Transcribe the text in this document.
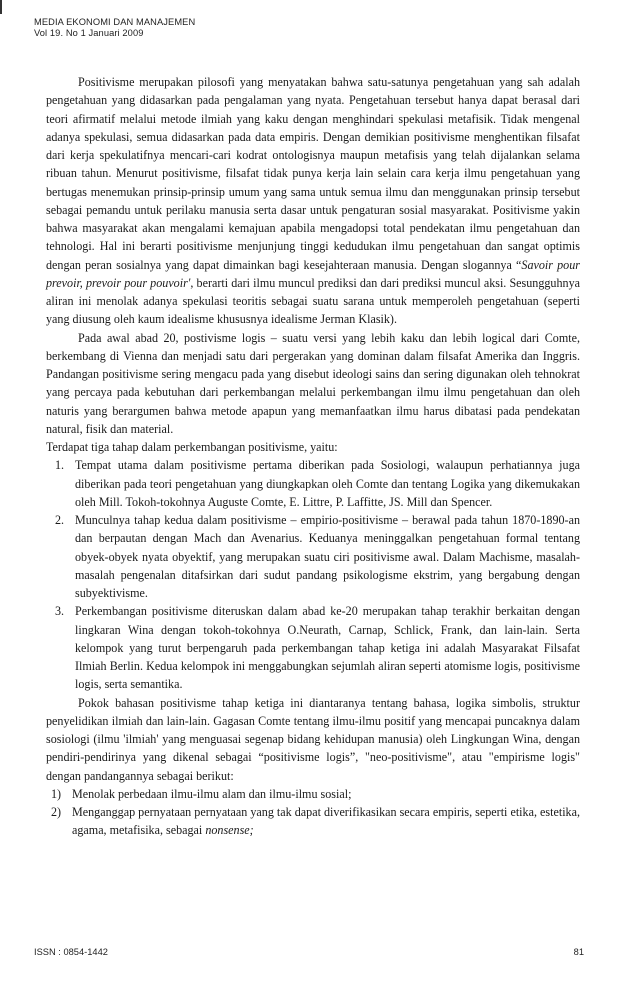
MEDIA EKONOMI DAN MANAJEMEN
Vol 19. No 1 Januari 2009

Positivisme merupakan pilosofi yang menyatakan bahwa satu-satunya pengetahuan yang sah adalah pengetahuan yang didasarkan pada pengalaman yang nyata. Pengetahuan tersebut hanya dapat berasal dari teori afirmatif melalui metode ilmiah yang kaku dengan menghindari spekulasi metafisik. Tidak mengenal adanya spekulasi, semua didasarkan pada data empiris. Dengan demikian positivisme menghentikan filsafat dari kerja spekulatifnya mencari-cari kodrat ontologisnya maupun metafisis yang telah dijalankan selama ribuan tahun. Menurut positivisme, filsafat tidak punya kerja lain selain cara kerja ilmu pengetahuan yang bertugas menemukan prinsip-prinsip umum yang sama untuk semua ilmu dan menggunakan prinsip tersebut sebagai pemandu untuk perilaku manusia serta dasar untuk pengaturan sosial masyarakat. Positivisme yakin bahwa masyarakat akan mengalami kemajuan apabila mengadopsi total pendekatan ilmu pengetahuan dan tehnologi. Hal ini berarti positivisme menjunjung tinggi kedudukan ilmu pengetahuan dan sangat optimis dengan peran sosialnya yang dapat dimainkan bagi kesejahteraan manusia. Dengan slogannya “Savoir pour prevoir, prevoir pour pouvoir', berarti dari ilmu muncul prediksi dan dari prediksi muncul aksi. Sesungguhnya aliran ini menolak adanya spekulasi teoritis sebagai suatu sarana untuk memperoleh pengetahuan (seperti yang diusung oleh kaum idealisme khususnya idealisme Jerman Klasik).

Pada awal abad 20, postivisme logis – suatu versi yang lebih kaku dan lebih logical dari Comte, berkembang di Vienna dan menjadi satu dari pergerakan yang dominan dalam filsafat Amerika dan Inggris. Pandangan positivisme sering mengacu pada yang disebut ideologi sains dan sering digunakan oleh tehnokrat yang percaya pada kebutuhan dari perkembangan melalui perkembangan ilmu ilmu pengetahuan dan oleh naturis yang berargumen bahwa metode apapun yang memanfaatkan ilmu harus dibatasi pada pendekatan natural, fisik dan material.

Terdapat tiga tahap dalam perkembangan positivisme, yaitu:

1. Tempat utama dalam positivisme pertama diberikan pada Sosiologi, walaupun perhatiannya juga diberikan pada teori pengetahuan yang diungkapkan oleh Comte dan tentang Logika yang dikemukakan oleh Mill. Tokoh-tokohnya Auguste Comte, E. Littre, P. Laffitte, JS. Mill dan Spencer.
2. Munculnya tahap kedua dalam positivisme – empirio-positivisme – berawal pada tahun 1870-1890-an dan berpautan dengan Mach dan Avenarius. Keduanya meninggalkan pengetahuan formal tentang obyek-obyek nyata obyektif, yang merupakan suatu ciri positivisme awal. Dalam Machisme, masalah-masalah pengenalan ditafsirkan dari sudut pandang psikologisme ekstrim, yang bergabung dengan subyektivisme.
3. Perkembangan positivisme diteruskan dalam abad ke-20 merupakan tahap terakhir berkaitan dengan lingkaran Wina dengan tokoh-tokohnya O.Neurath, Carnap, Schlick, Frank, dan lain-lain. Serta kelompok yang turut berpengaruh pada perkembangan tahap ketiga ini adalah Masyarakat Filsafat Ilmiah Berlin. Kedua kelompok ini menggabungkan sejumlah aliran seperti atomisme logis, positivisme logis, serta semantika.

Pokok bahasan positivisme tahap ketiga ini diantaranya tentang bahasa, logika simbolis, struktur penyelidikan ilmiah dan lain-lain. Gagasan Comte tentang ilmu-ilmu positif yang mencapai puncaknya dalam sosiologi (ilmu 'ilmiah' yang menguasai segenap bidang kehidupan manusia) oleh Lingkungan Wina, dengan pendiri-pendirinya yang dikenal sebagai “positivisme logis”, "neo-positivisme", atau "empirisme logis" dengan pandangannya sebagai berikut:

1) Menolak perbedaan ilmu-ilmu alam dan ilmu-ilmu sosial;
2) Menganggap pernyataan pernyataan yang tak dapat diverifikasikan secara empiris, seperti etika, estetika, agama, metafisika, sebagai nonsense;
ISSN : 0854-1442	81
